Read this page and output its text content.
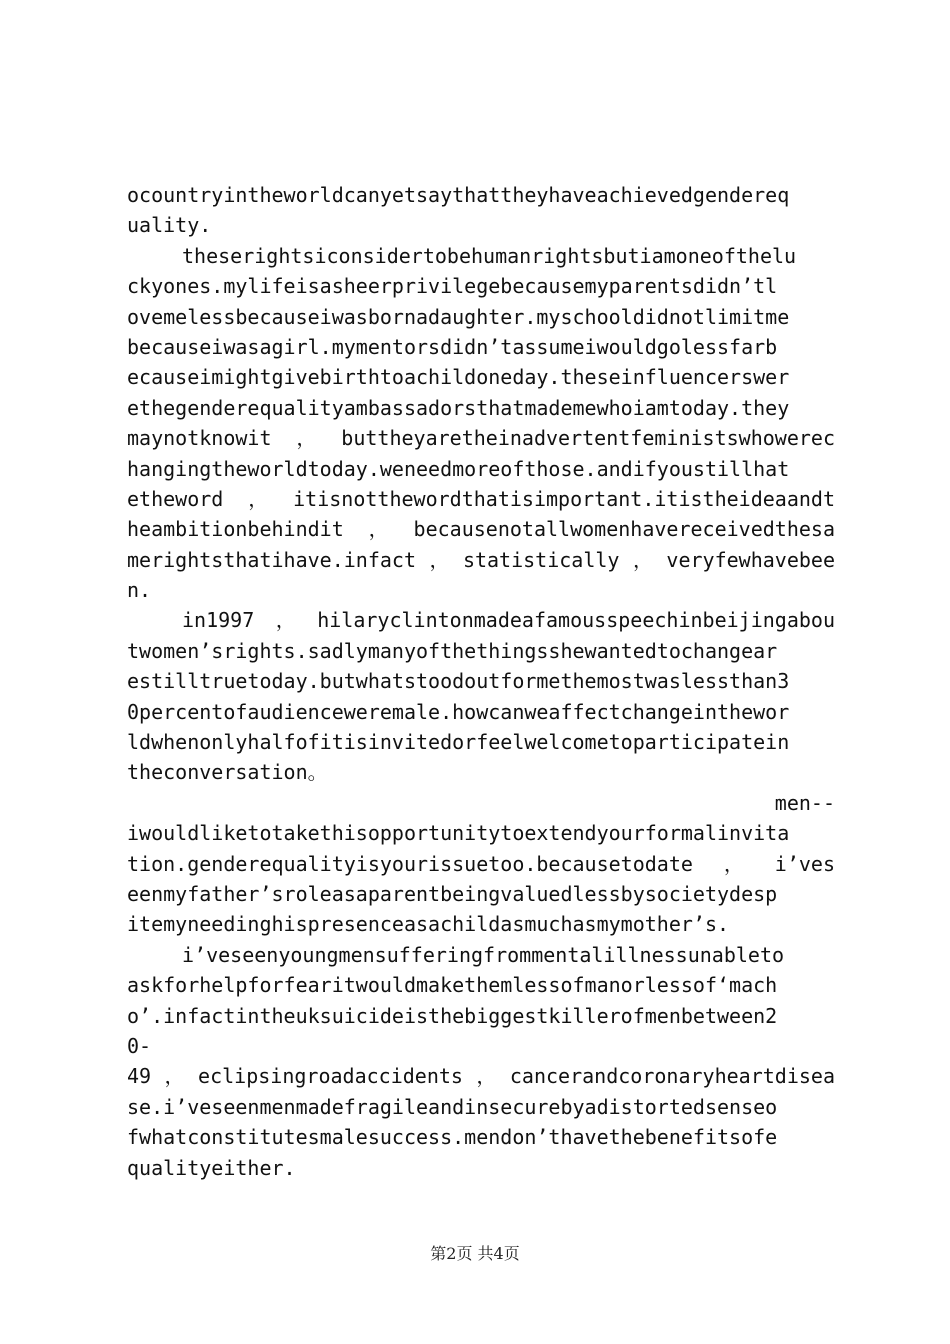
ocountryintheworldcanyetsaythattheyhaveachievedgendereq
uality.
theserightsiconsidertobehumanrightsbutiamoneofthelu
ckyones.mylifeisasheerprivilegebecausemyparentsdidn’tl
ovemelessbecauseiwasbornadaughter.myschooldidnotlimitme
becauseiwasagirl.mymentorsdidn’tassumeiwouldgolessfarb
ecauseimightgivebirthtoachildoneday.theseinfluencerswer
ethegenderequalityambassadorsthatmademewhoiamtoday.they
maynotknowit，buttheyaretheinadvertentfeministswhowerec
hangingtheworldtoday.weneedmoreofthose.andifyoustillhat
etheword，itisnotthewordthatisimportant.itistheideaandt
heambitionbehindit，becausenotallwomenhavereceivedthesa
merightsthatihave.infact，statistically，veryfewhavebee
n.
in1997，hilaryclintonmadeafamousspeechinbeijingabou
twomen’srights.sadlymanyofthethingsshewantedtochangear
estilltruetoday.butwhatstoodoutformethemostwaslessthan3
0percentofaudienceweremale.howcanweaffectchangeinthewor
ldwhenonlyhalfofitisinvitedorfeelwelcometoparticipatein
theconversation。
men--
iwouldliketotakethisopportunitytoextendyourformalinvita
tion.genderequalityisyourissuetoo.becausetodate，i’ves
eenmyfather’sroleasaparentbeingvaluedlessbysocietydesp
itemyneedinghispresenceasachildasmuchasmymother’s.
i’veseenyoungmensufferingfrommentalillnessunableto
askforhelpforfearitwouldmakethemlessofmanorlessof‘mach
o’.infactintheuksuicideisthebiggestkillerofmenbetween2
0-
49，eclipsingroadaccidents，cancerandcoronaryheartdisea
se.i’veseenmenmadefragileandinsecurebyadistortedsenseo
fwhatconstitutesmalesuccess.mendon’thavethebenefitsofe
qualityeither.
第2页 共4页
